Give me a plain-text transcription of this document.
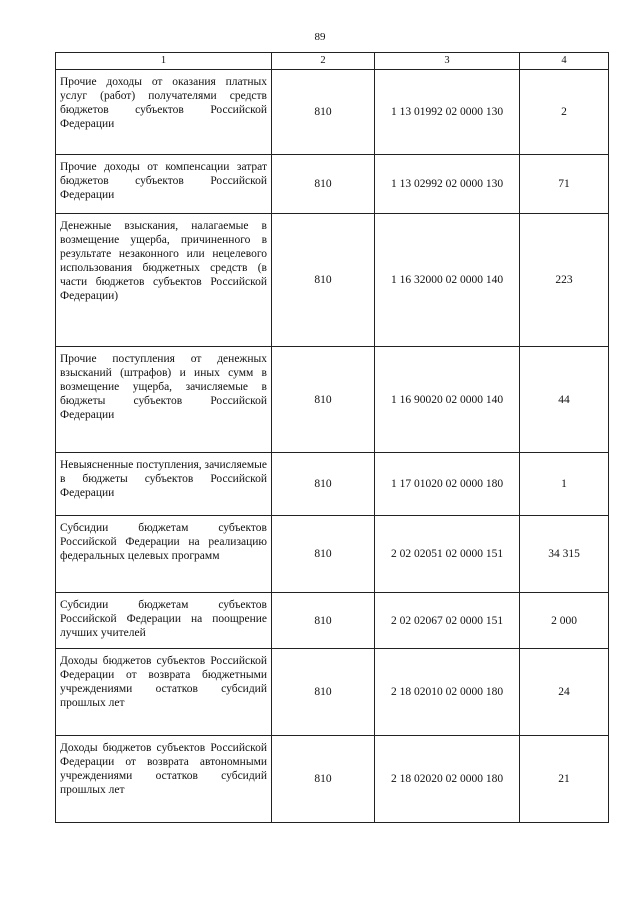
89
1	2	3	4
Прочие доходы от оказания платных услуг (работ) получателями средств бюджетов субъектов Российской Федерации	810	1 13 01992 02 0000 130	2
Прочие доходы от компенсации затрат бюджетов субъектов Российской Федерации	810	1 13 02992 02 0000 130	71
Денежные взыскания, налагаемые в возмещение ущерба, причиненного в результате незаконного или нецелевого использования бюджетных средств (в части бюджетов субъектов Российской Федерации)	810	1 16 32000 02 0000 140	223
Прочие поступления от денежных взысканий (штрафов) и иных сумм в возмещение ущерба, зачисляемые в бюджеты субъектов Российской Федерации	810	1 16 90020 02 0000 140	44
Невыясненные поступления, зачисляемые в бюджеты субъектов Российской Федерации	810	1 17 01020 02 0000 180	1
Субсидии бюджетам субъектов Российской Федерации на реализацию федеральных целевых программ	810	2 02 02051 02 0000 151	34 315
Субсидии бюджетам субъектов Российской Федерации на поощрение лучших учителей	810	2 02 02067 02 0000 151	2 000
Доходы бюджетов субъектов Российской Федерации от возврата бюджетными учреждениями остатков субсидий прошлых лет	810	2 18 02010 02 0000 180	24
Доходы бюджетов субъектов Российской Федерации от возврата автономными учреждениями остатков субсидий прошлых лет	810	2 18 02020 02 0000 180	21
